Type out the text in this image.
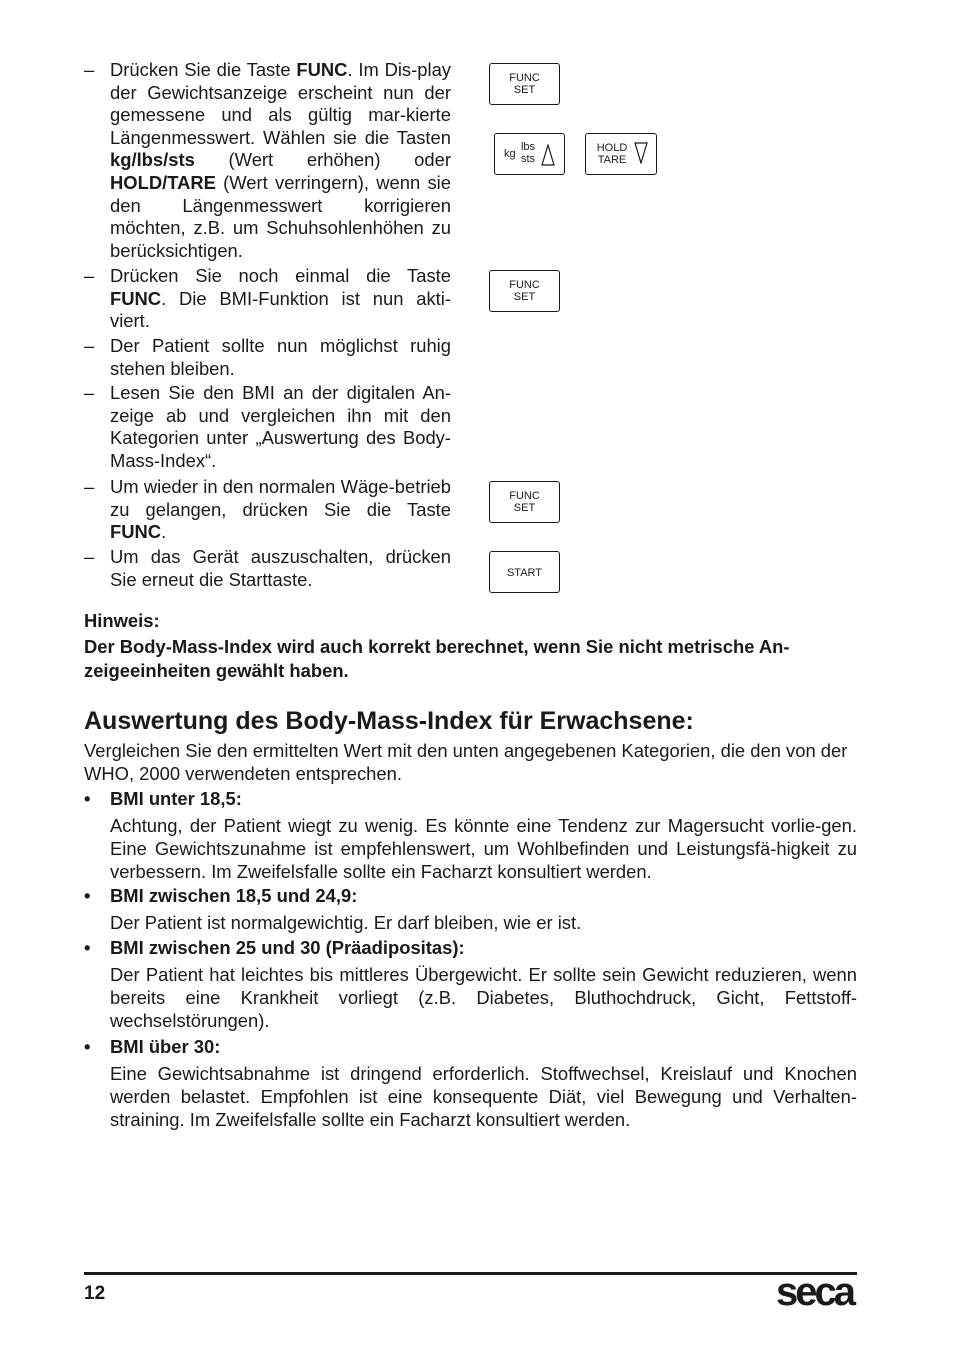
– Drücken Sie die Taste FUNC. Im Dis-play der Gewichtsanzeige erscheint nun der gemessene und als gültig mar-kierte Längenmesswert. Wählen sie die Tasten kg/lbs/sts (Wert erhöhen) oder HOLD/TARE (Wert verringern), wenn sie den Längenmesswert korrigieren möchten, z.B. um Schuhsohlenhöhen zu berücksichtigen.
– Drücken Sie noch einmal die Taste FUNC. Die BMI-Funktion ist nun akti-viert.
– Der Patient sollte nun möglichst ruhig stehen bleiben.
– Lesen Sie den BMI an der digitalen An-zeige ab und vergleichen ihn mit den Kategorien unter „Auswertung des Body-Mass-Index“.
– Um wieder in den normalen Wäge-betrieb zu gelangen, drücken Sie die Taste FUNC.
– Um das Gerät auszuschalten, drücken Sie erneut die Starttaste.
FUNC
SET
kg
lbs
sts
HOLD
TARE
FUNC
SET
FUNC
SET
START
Hinweis:
Der Body-Mass-Index wird auch korrekt berechnet, wenn Sie nicht metrische An-zeigeeinheiten gewählt haben.
Auswertung des Body-Mass-Index für Erwachsene:
Vergleichen Sie den ermittelten Wert mit den unten angegebenen Kategorien, die den von der WHO, 2000 verwendeten entsprechen.
• BMI unter 18,5:
Achtung, der Patient wiegt zu wenig. Es könnte eine Tendenz zur Magersucht vorlie-gen. Eine Gewichtszunahme ist empfehlenswert, um Wohlbefinden und Leistungsfä-higkeit zu verbessern. Im Zweifelsfalle sollte ein Facharzt konsultiert werden.
• BMI zwischen 18,5 und 24,9:
Der Patient ist normalgewichtig. Er darf bleiben, wie er ist.
• BMI zwischen 25 und 30 (Präadipositas):
Der Patient hat leichtes bis mittleres Übergewicht. Er sollte sein Gewicht reduzieren, wenn bereits eine Krankheit vorliegt (z.B. Diabetes, Bluthochdruck, Gicht, Fettstoff-wechselstörungen).
• BMI über 30:
Eine Gewichtsabnahme ist dringend erforderlich. Stoffwechsel, Kreislauf und Knochen werden belastet. Empfohlen ist eine konsequente Diät, viel Bewegung und Verhalten-straining. Im Zweifelsfalle sollte ein Facharzt konsultiert werden.
12	seca
